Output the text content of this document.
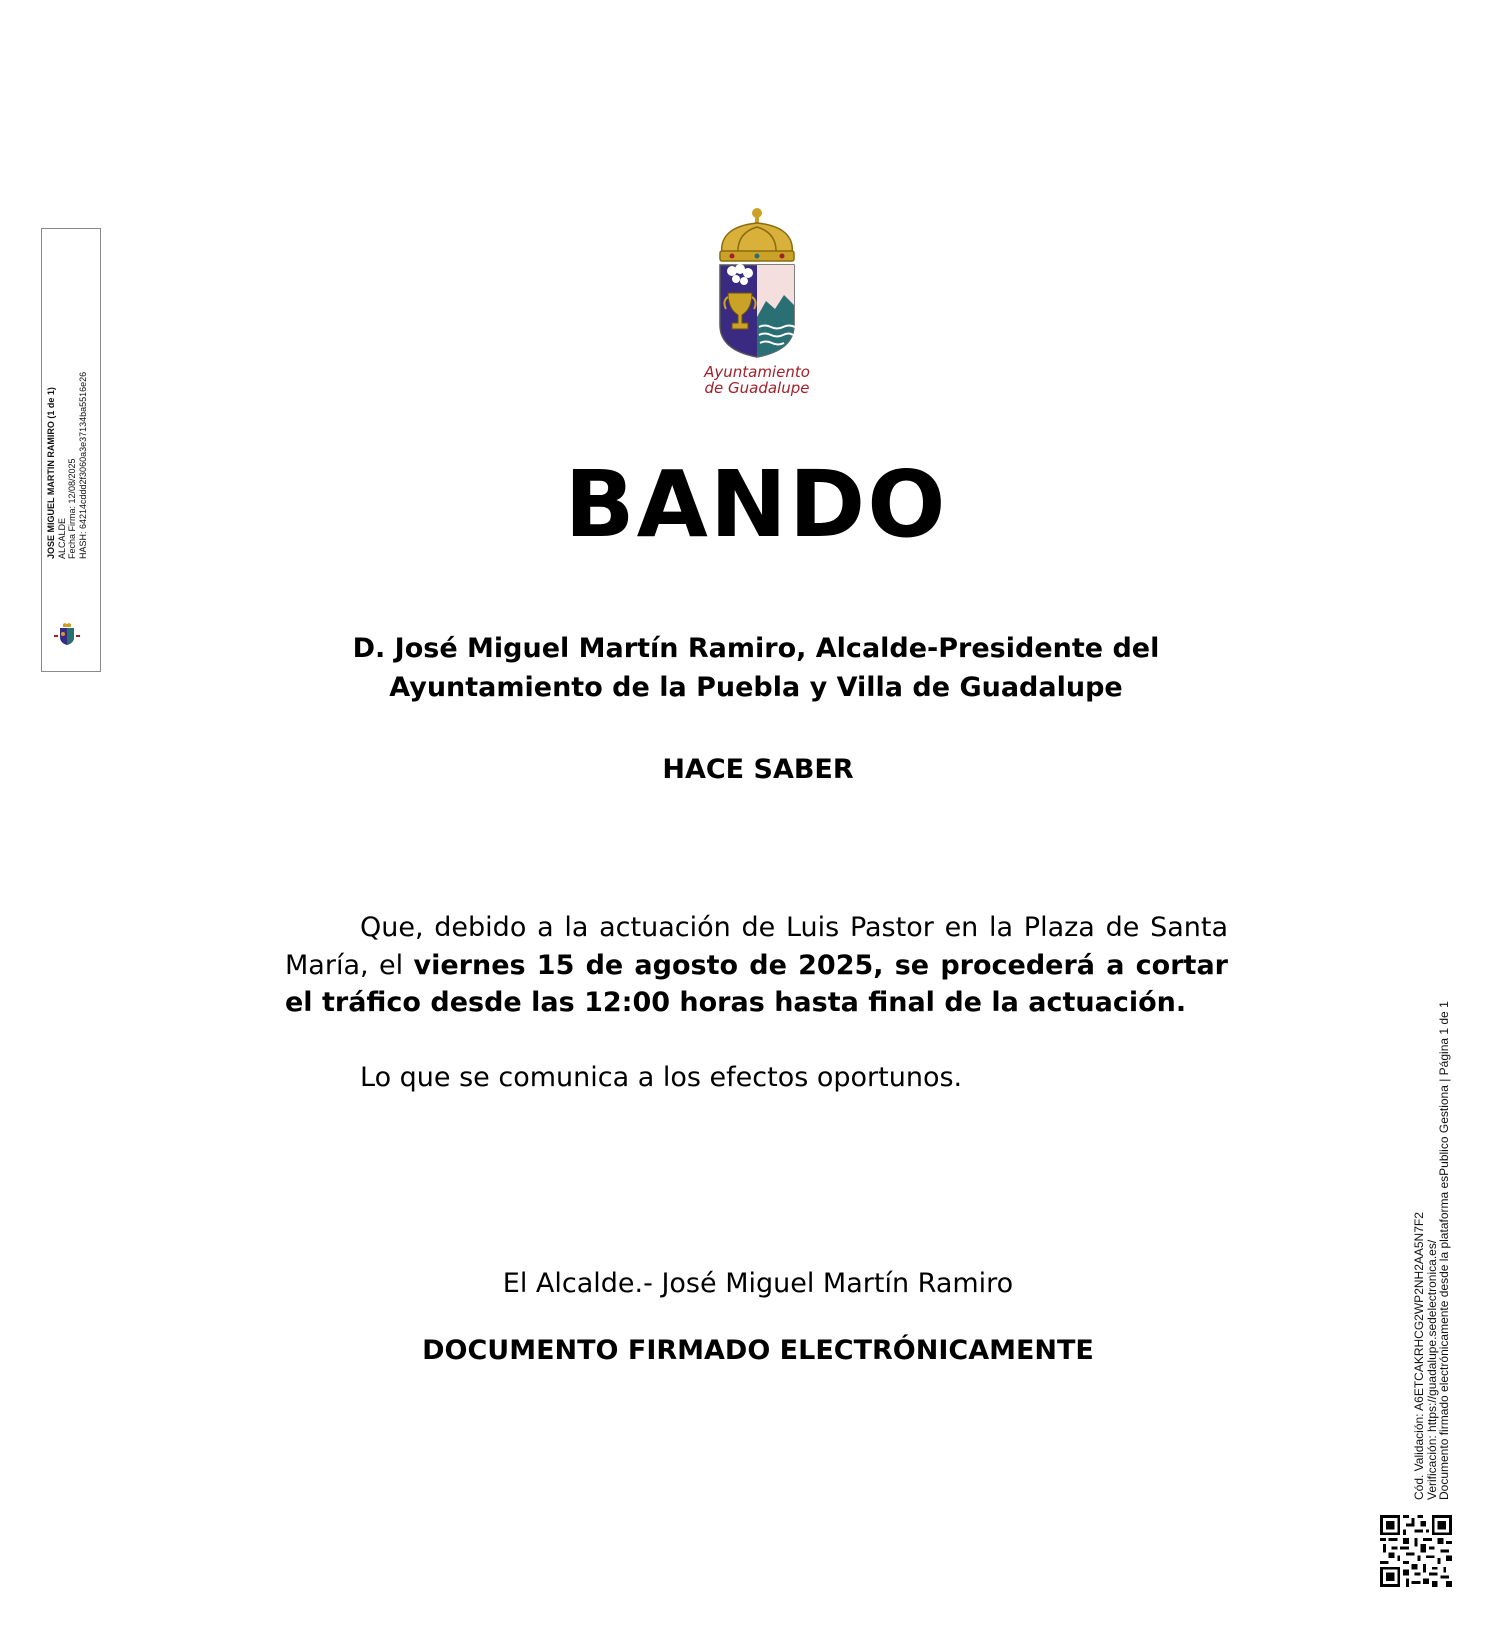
JOSE MIGUEL MARTIN RAMIRO (1 de 1) ALCALDE Fecha Firma: 12/08/2025 HASH: 64214cddd2f3060a3e37134ba5516e26	Ayuntamiento
de Guadalupe
BANDO
D. José Miguel Martín Ramiro, Alcalde-Presidente del
Ayuntamiento de la Puebla y Villa de Guadalupe
HACE SABER

Que, debido a la actuación de Luis Pastor en la Plaza de Santa María, el viernes 15 de agosto de 2025, se procederá a cortar el tráfico desde las 12:00 horas hasta final de la actuación.

Lo que se comunica a los efectos oportunos.

El Alcalde.- José Miguel Martín Ramiro
DOCUMENTO FIRMADO ELECTRÓNICAMENTE	Cód. Validación: A6ETCAKRHCG2WP2NH2AA5N7F2
Verificación: https://guadalupe.sedelectronica.es/
Documento firmado electrónicamente desde la plataforma esPublico Gestiona | Página 1 de 1
